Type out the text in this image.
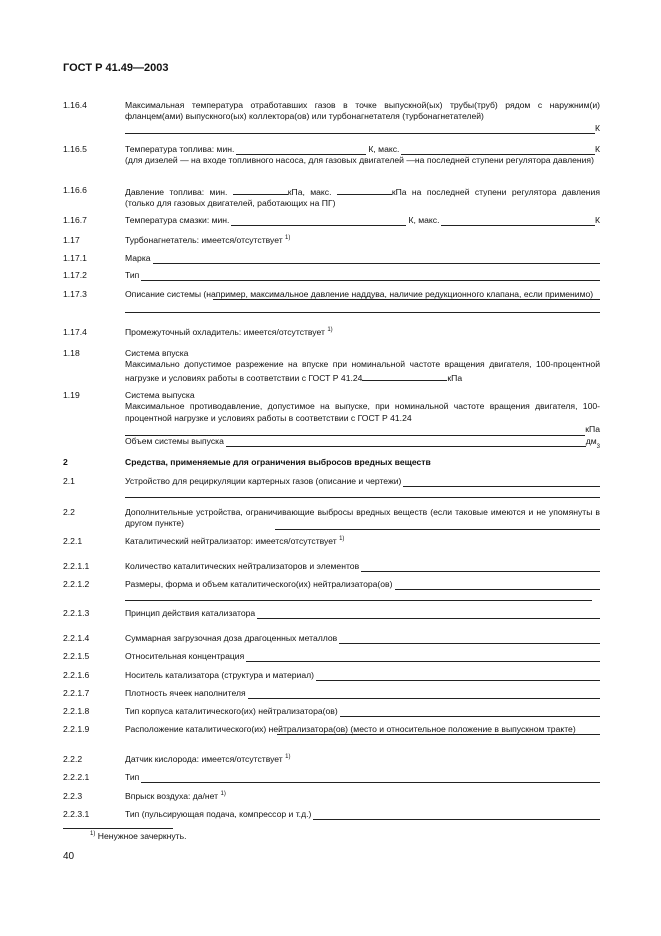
ГОСТ Р 41.49—2003
1.16.4	Максимальная температура отработавших газов в точке выпускной(ых) трубы(труб) рядом с наружним(и) фланцем(ами) выпускного(ых) коллектора(ов) или турбонагнетателя (турбонагнетателей)

К
1.16.5	Температура топлива: мин.	К, макс.	К

(для дизелей — на входе топливного насоса, для газовых двигателей —на последней ступени регулятора давления)

1.16.6	Давление топлива: мин.	кПа, макс.	кПа на последней ступени регулятора давления (только для газовых двигателей, работающих на ПГ)

1.16.7	Температура смазки: мин.	К, макс.	К
1.17	Турбонагнетатель: имеется/отсутствует $^{1)}$
1.17.1	Марка
1.17.2	Тип
1.17.3	Описание системы (например, максимальное давление наддува, наличие редукционного клапана, если применимо)

1.17.4	Промежуточный охладитель: имеется/отсутствует $^{1)}$
1.18	Система впуска

Максимально допустимое разрежение на впуске при номинальной частоте вращения двигателя, 100-процентной нагрузке и условиях работы в соответствии с ГОСТ Р 41.24	кПа

1.19	Система выпуска

Максимальное противодавление, допустимое на выпуске, при номинальной частоте вращения двигателя, 100-процентной нагрузке и условиях работы в соответствии с ГОСТ Р 41.24

кПа
Объем системы выпуска	дм
3
2	Средства, применяемые для ограничения выбросов вредных веществ
2.1	Устройство для рециркуляции картерных газов (описание и чертежи)
2.2	Дополнительные устройства, ограничивающие выбросы вредных веществ (если таковые имеются и не упомянуты в другом пункте)

2.2.1	Каталитический нейтрализатор: имеется/отсутствует $^{1)}$
2.2.1.1	Количество каталитических нейтрализаторов и элементов
2.2.1.2	Размеры, форма и объем каталитического(их) нейтрализатора(ов)
2.2.1.3	Принцип действия катализатора
2.2.1.4	Суммарная загрузочная доза драгоценных металлов
2.2.1.5	Относительная концентрация
2.2.1.6	Носитель катализатора (структура и материал)
2.2.1.7	Плотность ячеек наполнителя
2.2.1.8	Тип корпуса каталитического(их) нейтрализатора(ов)
2.2.1.9	Расположение каталитического(их) нейтрализатора(ов) (место и относительное положение в выпускном тракте)

2.2.2	Датчик кислорода: имеется/отсутствует $^{1)}$
2.2.2.1	Тип
2.2.3	Впрыск воздуха: да/нет $^{1)}$
2.2.3.1	Тип (пульсирующая подача, компрессор и т.д.)
$^{1)}$ Ненужное зачеркнуть.
40
